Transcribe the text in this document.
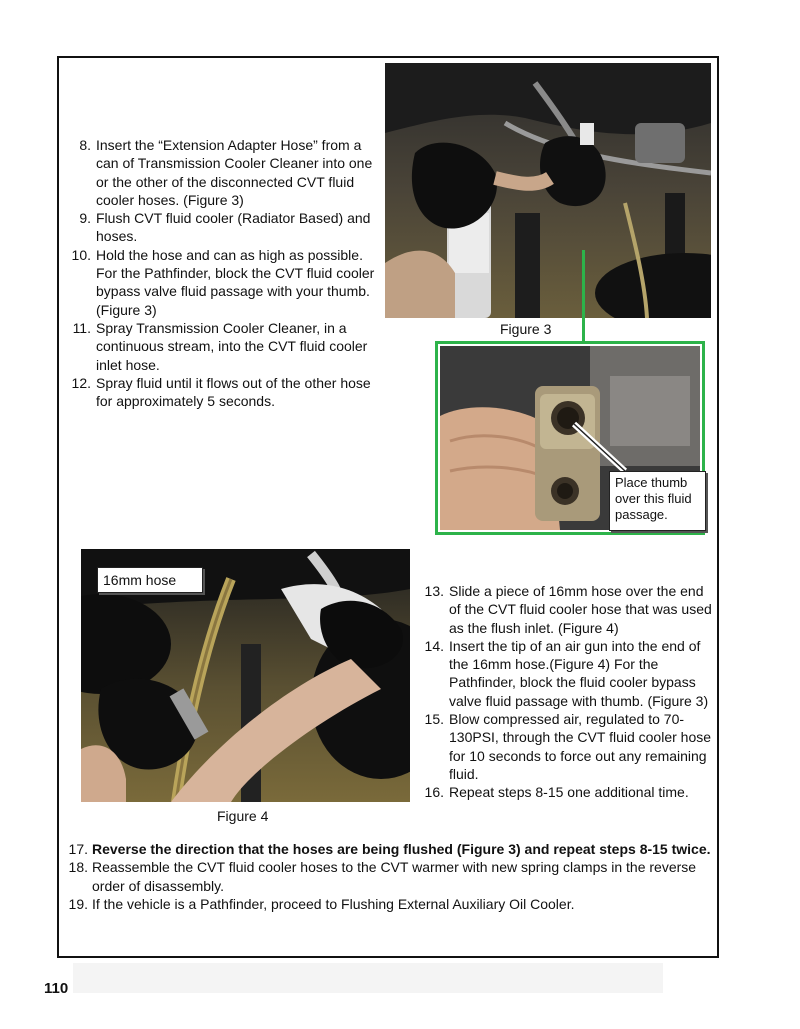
8. Insert the “Extension Adapter Hose” from a can of Transmission Cooler Cleaner into one or the other of the disconnected CVT fluid cooler hoses. (Figure 3)
9. Flush CVT fluid cooler (Radiator Based) and hoses.
10. Hold the hose and can as high as possible. For the Pathfinder, block the CVT fluid cooler bypass valve fluid passage with your thumb. (Figure 3)
11. Spray Transmission Cooler Cleaner, in a continuous stream, into the CVT fluid cooler inlet hose.
12. Spray fluid until it flows out of the other hose for approximately 5 seconds.
Figure 3
Place thumb over this fluid passage.
16mm hose
Figure 4
13. Slide a piece of 16mm hose over the end of the CVT fluid cooler hose that was used as the flush inlet. (Figure 4)
14. Insert the tip of an air gun into the end of the 16mm hose.(Figure 4) For the Pathfinder, block the fluid cooler bypass valve fluid passage with thumb. (Figure 3)
15. Blow compressed air, regulated to 70-130PSI, through the CVT fluid cooler hose for 10 seconds to force out any remaining fluid.
16. Repeat steps 8-15 one additional time.
17. Reverse the direction that the hoses are being flushed (Figure 3) and repeat steps 8-15 twice.
18. Reassemble the CVT fluid cooler hoses to the CVT warmer with new spring clamps in the reverse order of disassembly.
19. If the vehicle is a Pathfinder, proceed to Flushing External Auxiliary Oil Cooler.
110
